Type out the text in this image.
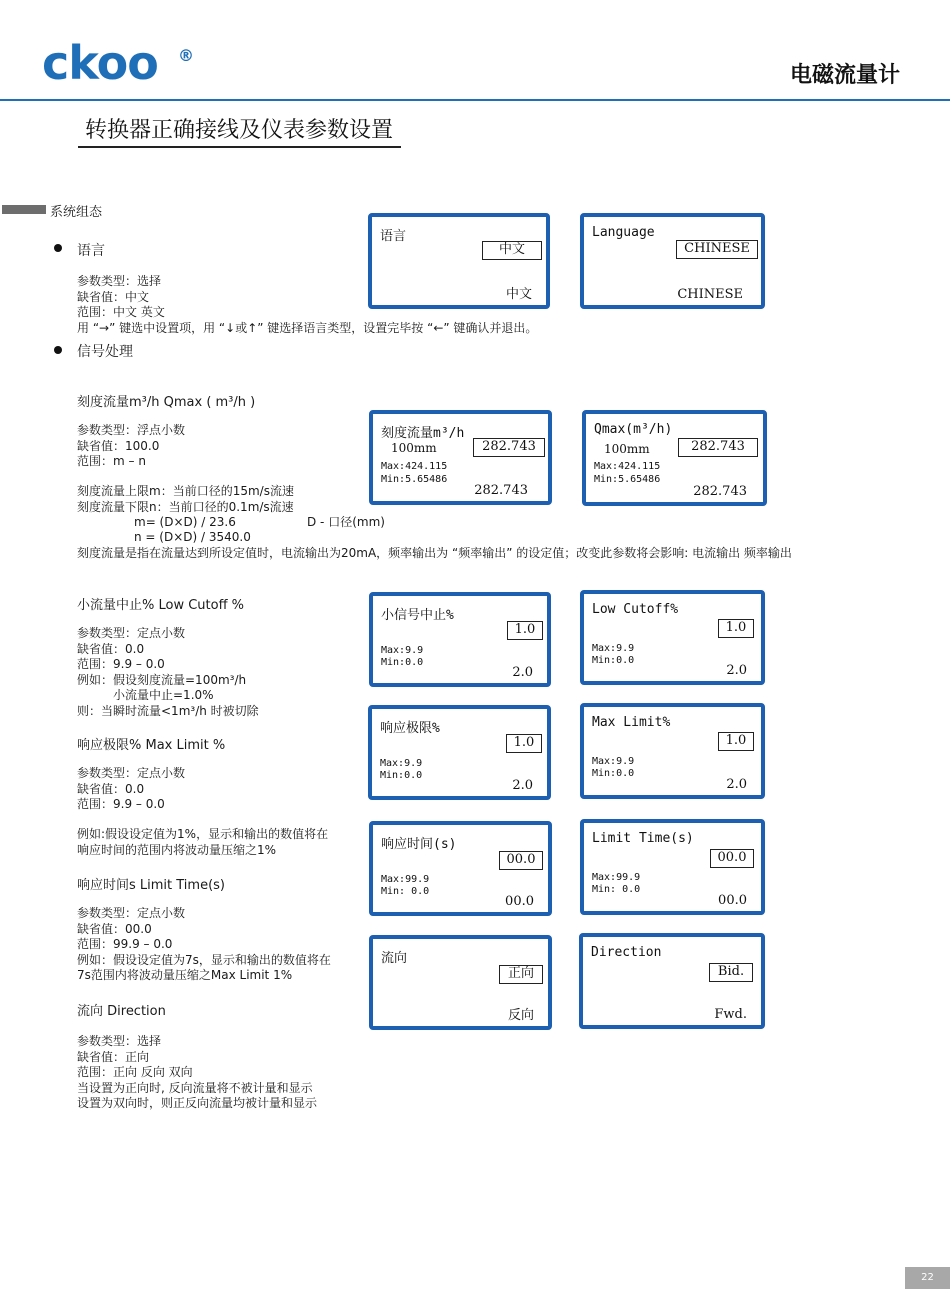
ckoo ®
电磁流量计
转换器正确接线及仪表参数设置
系统组态
语言
参数类型：选择
缺省值：中文
范围：中文 英文
用 “→” 键选中设置项，用 “↓或↑” 键选择语言类型，设置完毕按 “←” 键确认并退出。
信号处理
刻度流量m³/h Qmax ( m³/h )
参数类型：浮点小数
缺省值：100.0
范围：m – n
刻度流量上限m：当前口径的15m/s流速
刻度流量下限n：当前口径的0.1m/s流速
m= (D×D) / 23.6	D - 口径(mm)
n = (D×D) / 3540.0
刻度流量是指在流量达到所设定值时，电流输出为20mA，频率输出为 “频率输出” 的设定值；改变此参数将会影响: 电流输出 频率输出
小流量中止% Low Cutoff %
参数类型：定点小数
缺省值：0.0
范围：9.9 – 0.0
例如：假设刻度流量=100m³/h
　　　小流量中止=1.0%
则：当瞬时流量<1m³/h 时被切除
响应极限% Max Limit %
参数类型：定点小数
缺省值：0.0
范围：9.9 – 0.0
例如:假设设定值为1%，显示和输出的数值将在
响应时间的范围内将波动量压缩之1%
响应时间s Limit Time(s)
参数类型：定点小数
缺省值：00.0
范围：99.9 – 0.0
例如：假设设定值为7s，显示和输出的数值将在
7s范围内将波动量压缩之Max Limit 1%
流向 Direction
参数类型：选择
缺省值：正向
范围：正向 反向 双向
当设置为正向时, 反向流量将不被计量和显示
设置为双向时，则正反向流量均被计量和显示
语言
中文
中文
Language
CHINESE
CHINESE
刻度流量m³/h
100mm	282.743
Max:424.115
Min:5.65486
282.743
Qmax(m³/h)
100mm	282.743
Max:424.115
Min:5.65486
282.743
小信号中止%
1.0
Max:9.9
Min:0.0
2.0
Low Cutoff%
1.0
Max:9.9
Min:0.0
2.0
响应极限%
1.0
Max:9.9
Min:0.0
2.0
Max Limit%
1.0
Max:9.9
Min:0.0
2.0
响应时间(s)
00.0
Max:99.9
Min: 0.0
00.0
Limit Time(s)
00.0
Max:99.9
Min: 0.0
00.0
流向
正向
反向
Direction
Bid.
Fwd.
22
